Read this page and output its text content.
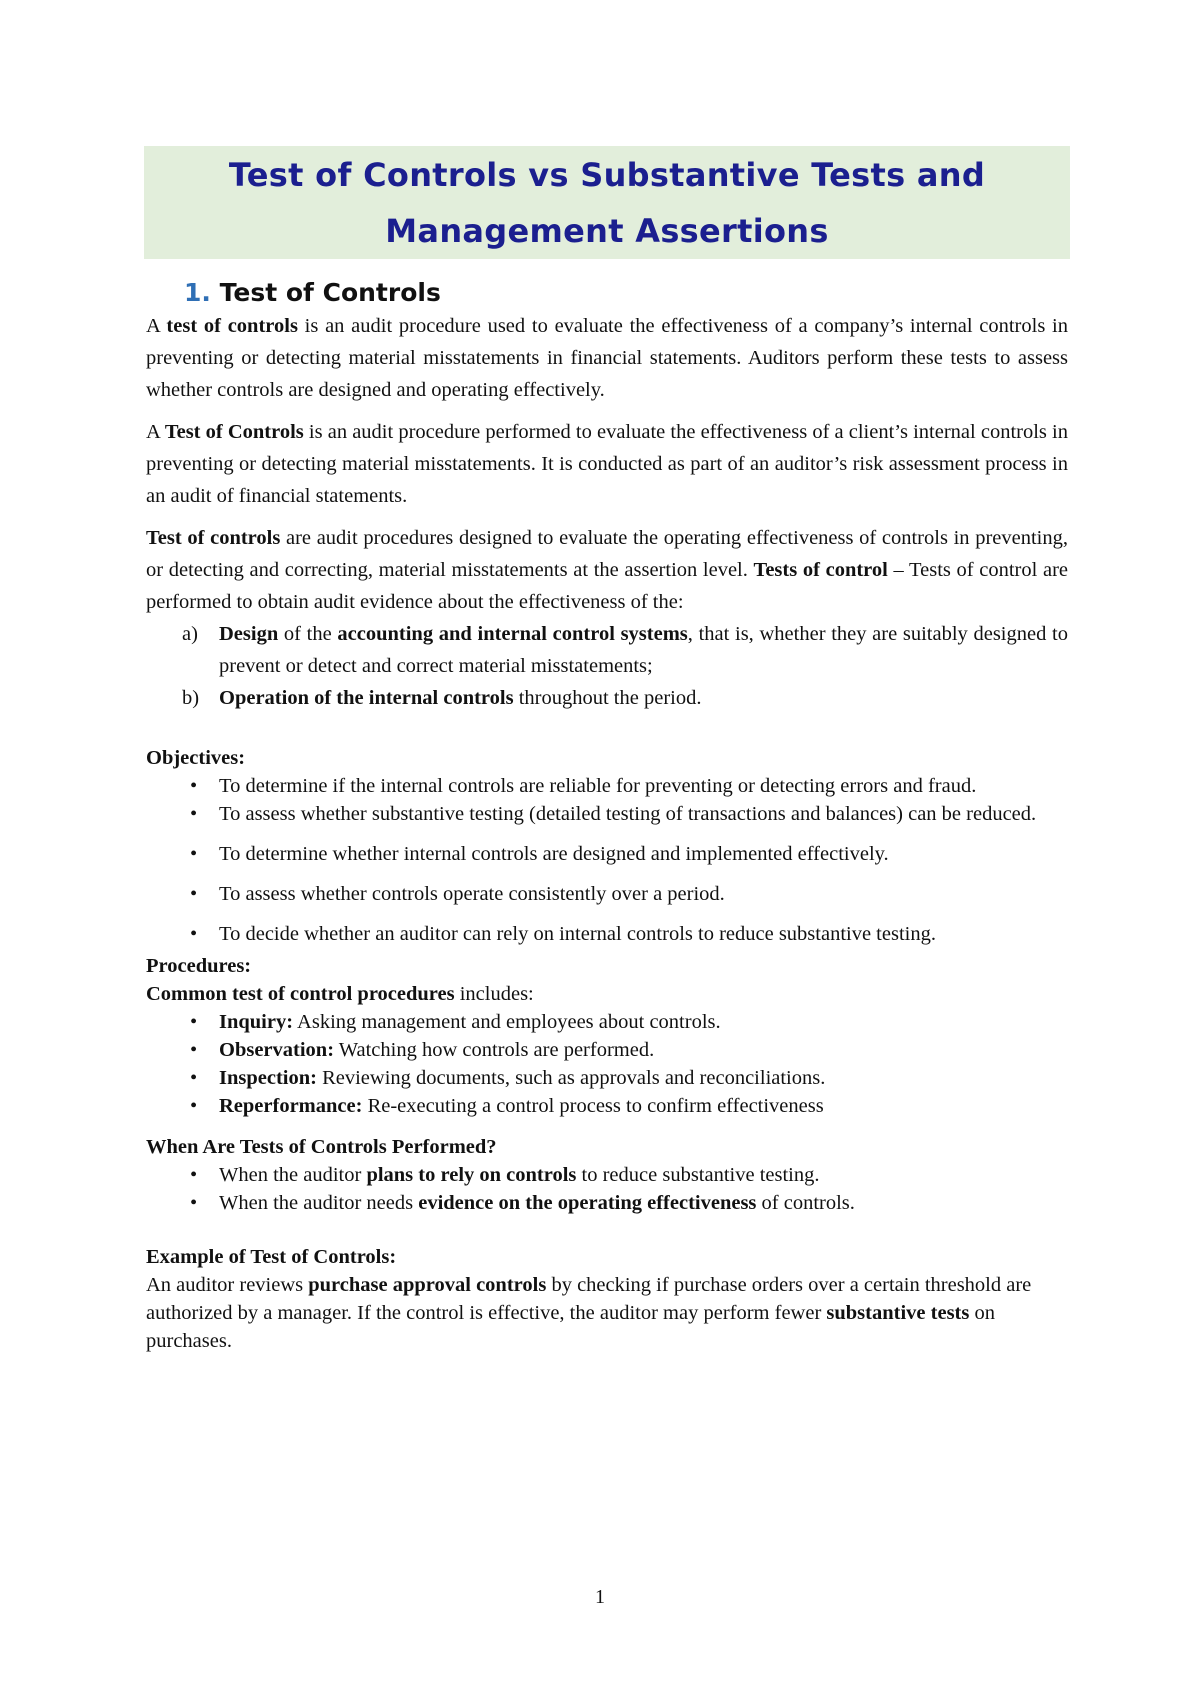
Test of Controls vs Substantive Tests and
Management Assertions
1. Test of Controls

A test of controls is an audit procedure used to evaluate the effectiveness of a company’s internal controls in preventing or detecting material misstatements in financial statements. Auditors perform these tests to assess whether controls are designed and operating effectively.

A Test of Controls is an audit procedure performed to evaluate the effectiveness of a client’s internal controls in preventing or detecting material misstatements. It is conducted as part of an auditor’s risk assessment process in an audit of financial statements.

Test of controls are audit procedures designed to evaluate the operating effectiveness of controls in preventing, or detecting and correcting, material misstatements at the assertion level. Tests of control – Tests of control are performed to obtain audit evidence about the effectiveness of the:

a) Design of the accounting and internal control systems, that is, whether they are suitably designed to prevent or detect and correct material misstatements;
b) Operation of the internal controls throughout the period.
Objectives:
• To determine if the internal controls are reliable for preventing or detecting errors and fraud.
• To assess whether substantive testing (detailed testing of transactions and balances) can be reduced.
• To determine whether internal controls are designed and implemented effectively.
• To assess whether controls operate consistently over a period.
• To decide whether an auditor can rely on internal controls to reduce substantive testing.
Procedures:

Common test of control procedures includes:

• Inquiry: Asking management and employees about controls.
• Observation: Watching how controls are performed.
• Inspection: Reviewing documents, such as approvals and reconciliations.
• Reperformance: Re-executing a control process to confirm effectiveness
When Are Tests of Controls Performed?
• When the auditor plans to rely on controls to reduce substantive testing.
• When the auditor needs evidence on the operating effectiveness of controls.
Example of Test of Controls:

An auditor reviews purchase approval controls by checking if purchase orders over a certain threshold are authorized by a manager. If the control is effective, the auditor may perform fewer substantive tests on purchases.

1
